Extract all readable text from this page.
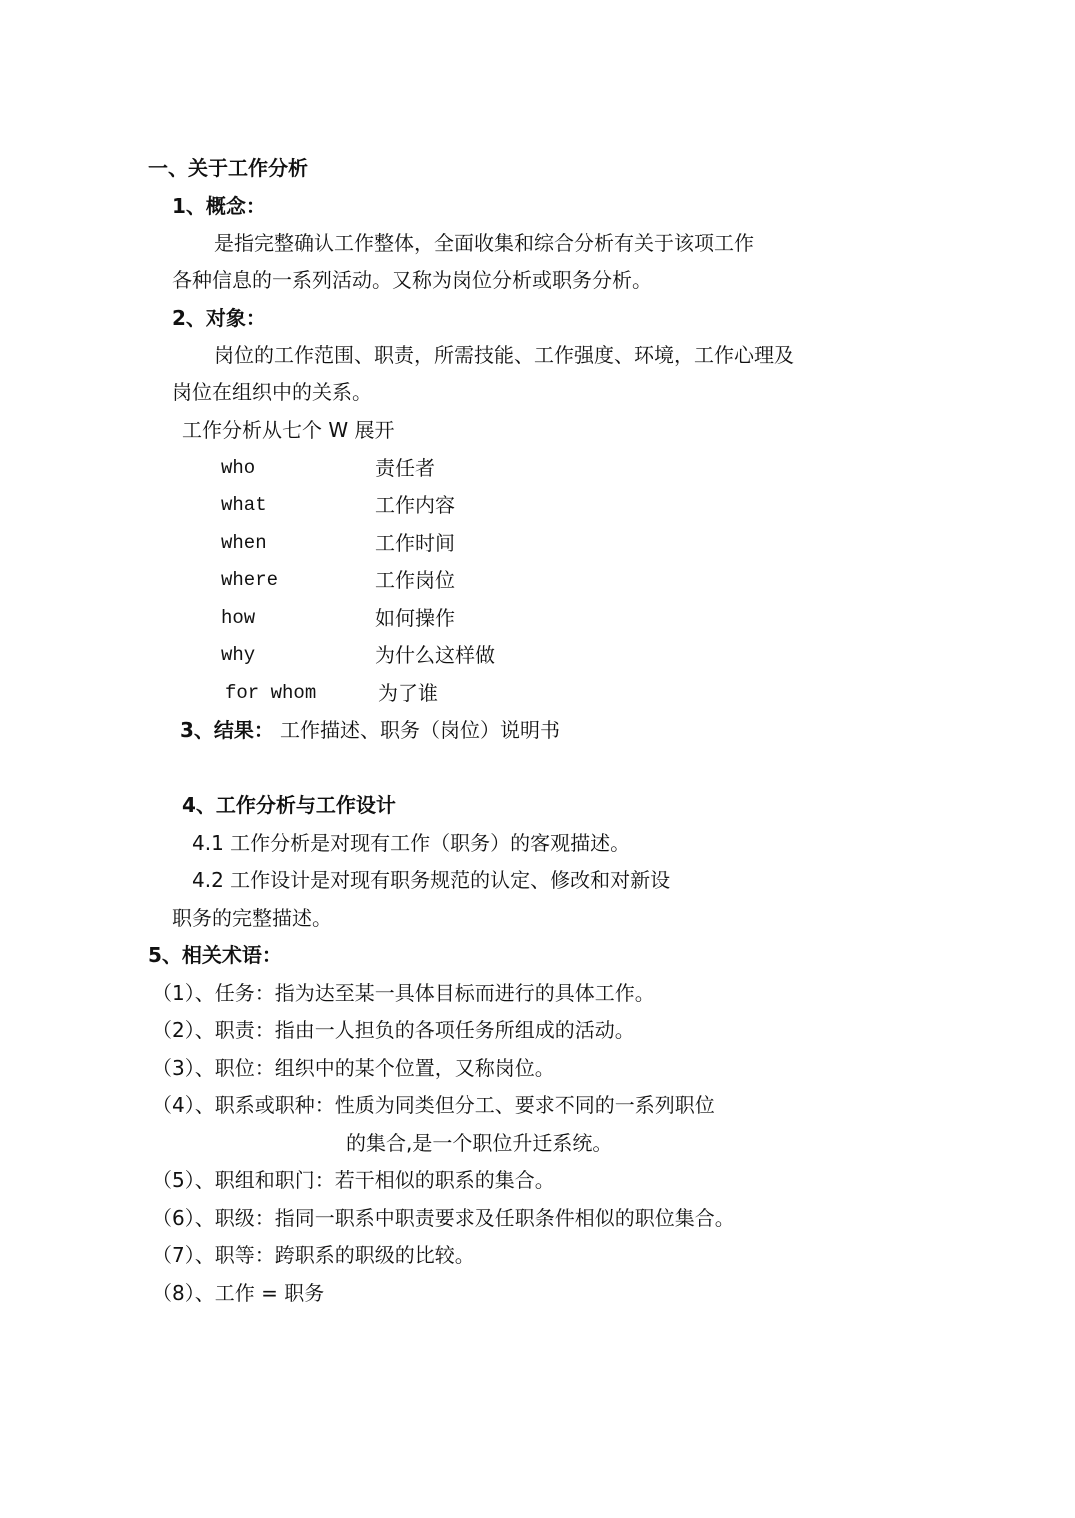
一、关于工作分析
1、概念：
是指完整确认工作整体，全面收集和综合分析有关于该项工作
各种信息的一系列活动。又称为岗位分析或职务分析。
2、对象：
岗位的工作范围、职责，所需技能、工作强度、环境，工作心理及
岗位在组织中的关系。
工作分析从七个 W 展开
who	责任者
what	工作内容
when	工作时间
where	工作岗位
how	如何操作
why	为什么这样做
for whom	为了谁
3、结果： 工作描述、职务（岗位）说明书
4、工作分析与工作设计
4.1 工作分析是对现有工作（职务）的客观描述。
4.2 工作设计是对现有职务规范的认定、修改和对新设
职务的完整描述。
5、相关术语：
（1）、任务：指为达至某一具体目标而进行的具体工作。
（2）、职责：指由一人担负的各项任务所组成的活动。
（3）、职位：组织中的某个位置，又称岗位。
（4）、职系或职种：性质为同类但分工、要求不同的一系列职位
的集合,是一个职位升迁系统。
（5）、职组和职门：若干相似的职系的集合。
（6）、职级：指同一职系中职责要求及任职条件相似的职位集合。
（7）、职等：跨职系的职级的比较。
（8）、工作 = 职务
